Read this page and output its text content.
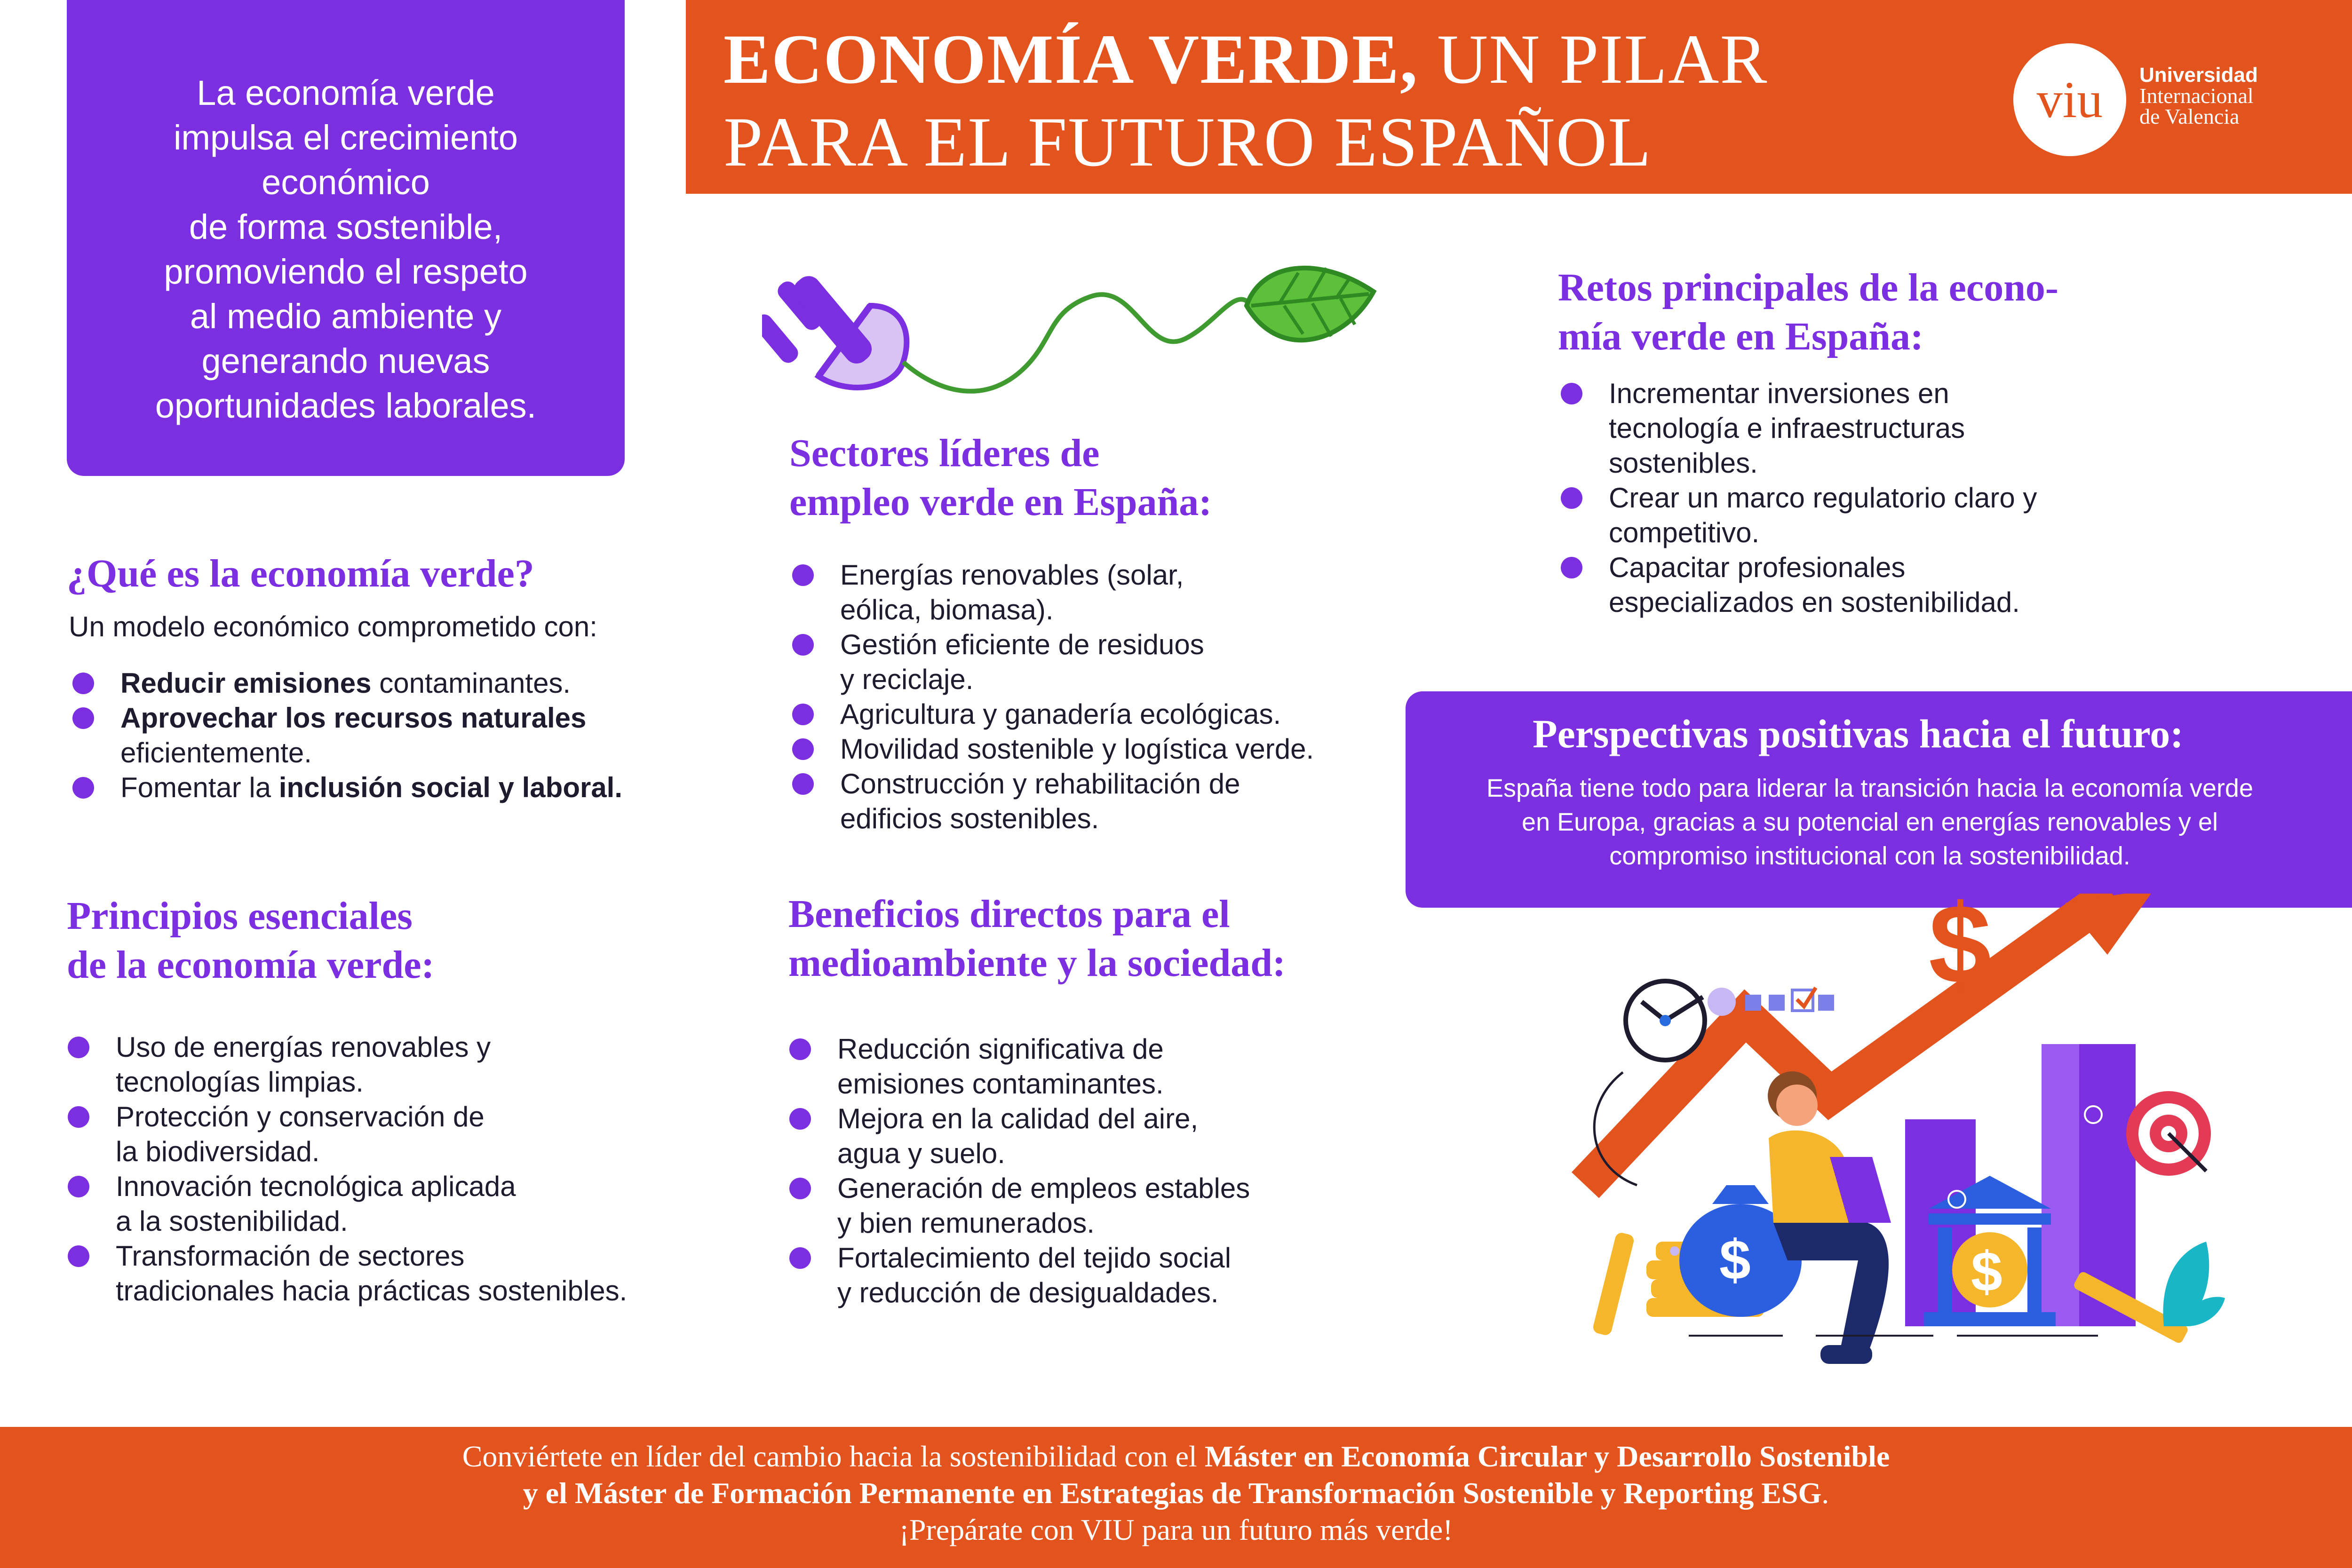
ECONOMÍA VERDE, UN PILAR
PARA EL FUTURO ESPAÑOL
viu Universidad
Internacional
de Valencia
La economía verde
impulsa el crecimiento
económico
de forma sostenible,
promoviendo el respeto
al medio ambiente y
generando nuevas
oportunidades laborales.
¿Qué es la economía verde?
Un modelo económico comprometido con:
Reducir emisiones contaminantes.
Aprovechar los recursos naturales
eficientemente.
Fomentar la inclusión social y laboral.
Principios esenciales
de la economía verde:
Uso de energías renovables y
tecnologías limpias.
Protección y conservación de
la biodiversidad.
Innovación tecnológica aplicada
a la sostenibilidad.
Transformación de sectores
tradicionales hacia prácticas sostenibles.
Sectores líderes de
empleo verde en España:
Energías renovables (solar,
eólica, biomasa).
Gestión eficiente de residuos
y reciclaje.
Agricultura y ganadería ecológicas.
Movilidad sostenible y logística verde.
Construcción y rehabilitación de
edificios sostenibles.
Beneficios directos para el
medioambiente y la sociedad:
Reducción significativa de
emisiones contaminantes.
Mejora en la calidad del aire,
agua y suelo.
Generación de empleos estables
y bien remunerados.
Fortalecimiento del tejido social
y reducción de desigualdades.
Retos principales de la econo-
mía verde en España:
Incrementar inversiones en
tecnología e infraestructuras
sostenibles.
Crear un marco regulatorio claro y
competitivo.
Capacitar profesionales
especializados en sostenibilidad.
Perspectivas positivas hacia el futuro:
España tiene todo para liderar la transición hacia la economía verde
en Europa, gracias a su potencial en energías renovables y el
compromiso institucional con la sostenibilidad.
$
$	$
Conviértete en líder del cambio hacia la sostenibilidad con el Máster en Economía Circular y Desarrollo Sostenible
y el Máster de Formación Permanente en Estrategias de Transformación Sostenible y Reporting ESG.
¡Prepárate con VIU para un futuro más verde!
